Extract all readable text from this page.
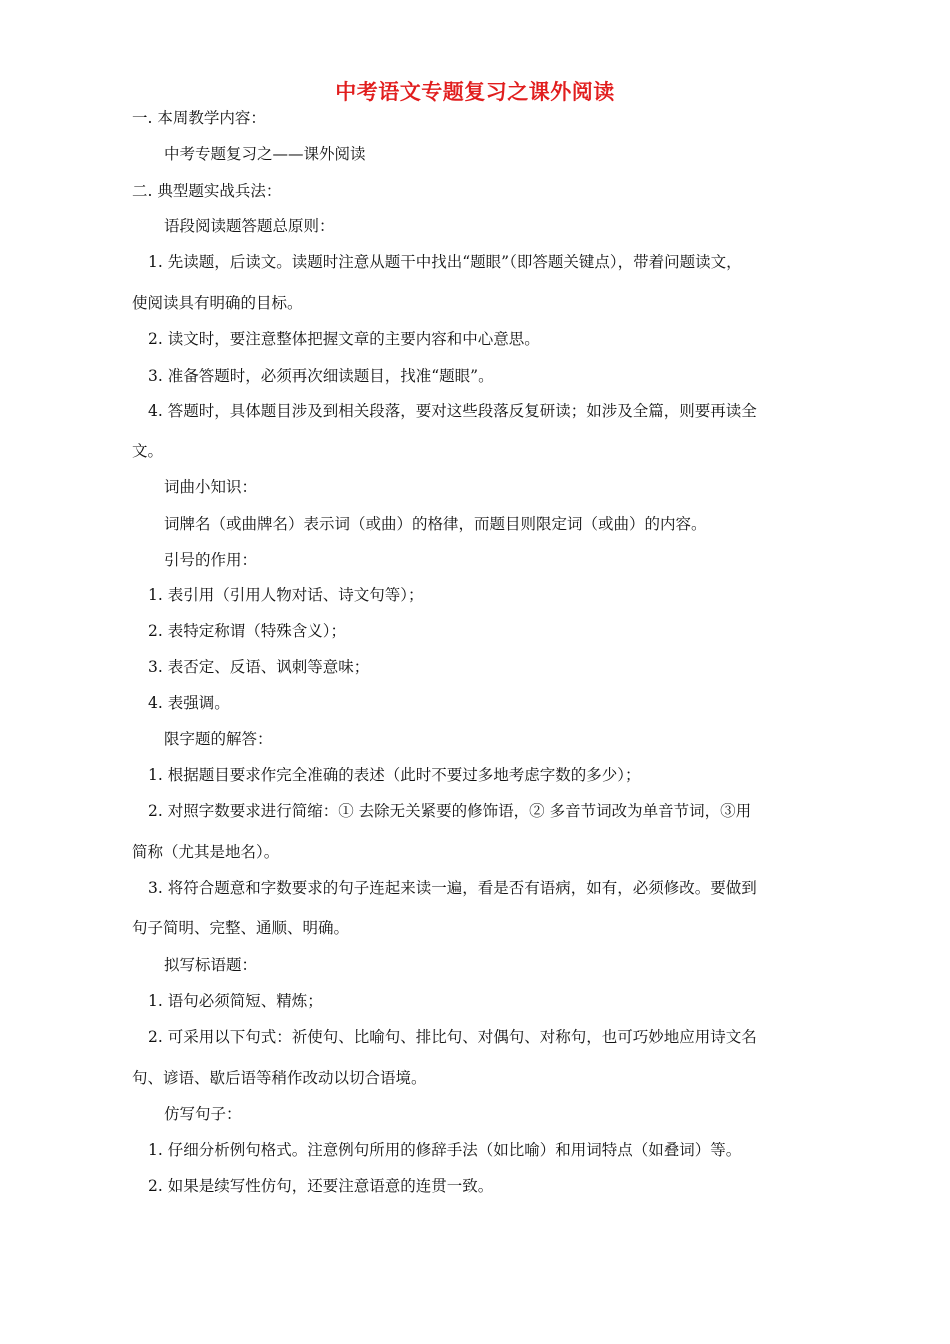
中考语文专题复习之课外阅读
一. 本周教学内容：
中考专题复习之——课外阅读
二. 典型题实战兵法：
语段阅读题答题总原则：
1. 先读题，后读文。读题时注意从题干中找出“题眼”（即答题关键点），带着问题读文，
使阅读具有明确的目标。
2. 读文时，要注意整体把握文章的主要内容和中心意思。
3. 准备答题时，必须再次细读题目，找准“题眼”。
4. 答题时，具体题目涉及到相关段落，要对这些段落反复研读；如涉及全篇，则要再读全
文。
词曲小知识：
词牌名（或曲牌名）表示词（或曲）的格律，而题目则限定词（或曲）的内容。
引号的作用：
1. 表引用（引用人物对话、诗文句等）；
2. 表特定称谓（特殊含义）；
3. 表否定、反语、讽刺等意味；
4. 表强调。
限字题的解答：
1. 根据题目要求作完全准确的表述（此时不要过多地考虑字数的多少）；
2. 对照字数要求进行简缩：① 去除无关紧要的修饰语，② 多音节词改为单音节词，③用
简称（尤其是地名）。
3. 将符合题意和字数要求的句子连起来读一遍，看是否有语病，如有，必须修改。要做到
句子简明、完整、通顺、明确。
拟写标语题：
1. 语句必须简短、精炼；
2. 可采用以下句式：祈使句、比喻句、排比句、对偶句、对称句，也可巧妙地应用诗文名
句、谚语、歇后语等稍作改动以切合语境。
仿写句子：
1. 仔细分析例句格式。注意例句所用的修辞手法（如比喻）和用词特点（如叠词）等。
2. 如果是续写性仿句，还要注意语意的连贯一致。
